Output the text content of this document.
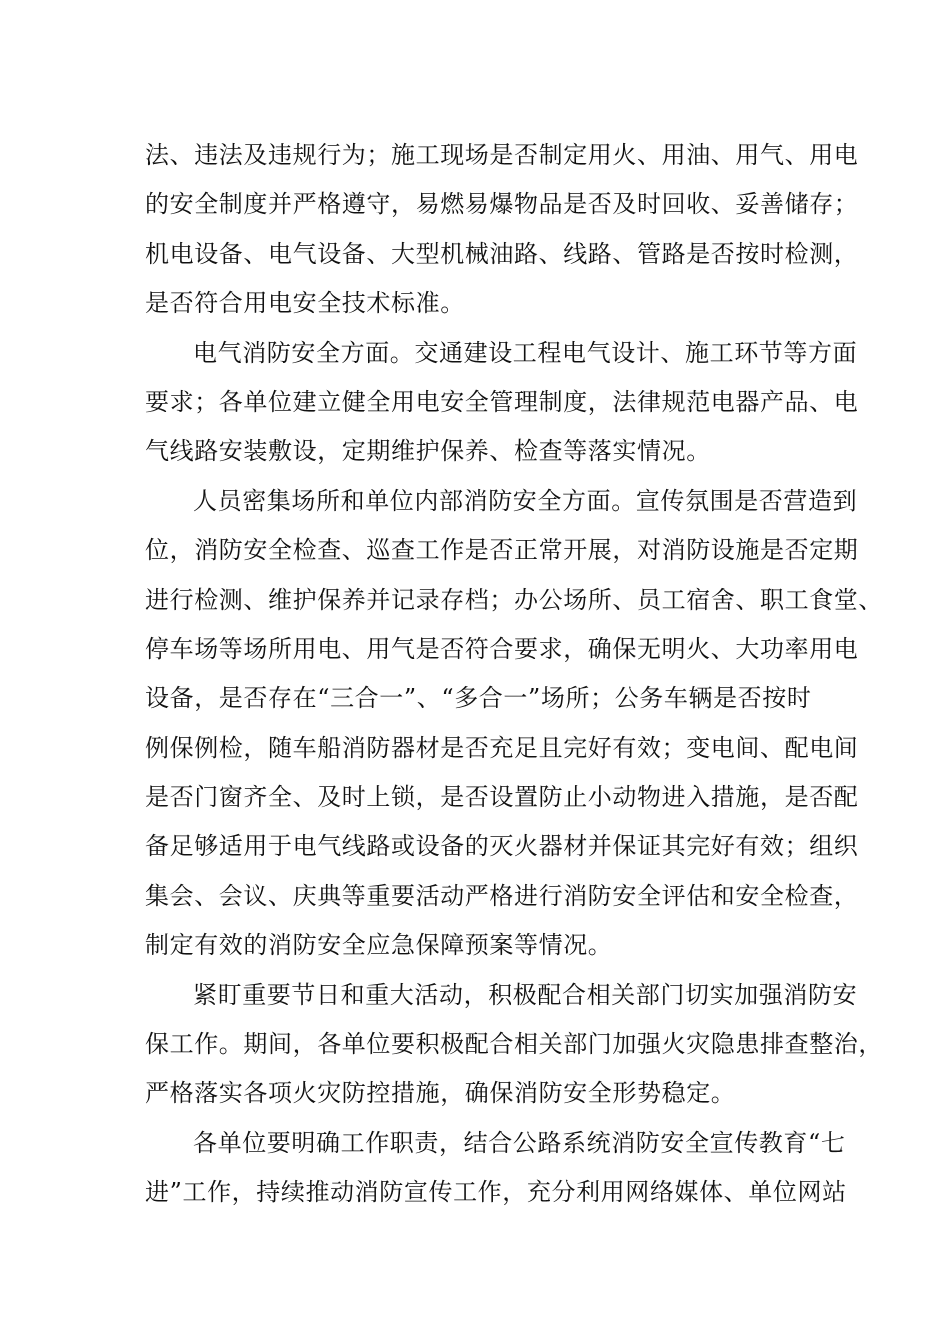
法、违法及违规行为；施工现场是否制定用火、用油、用气、用电
的安全制度并严格遵守，易燃易爆物品是否及时回收、妥善储存；
机电设备、电气设备、大型机械油路、线路、管路是否按时检测，
是否符合用电安全技术标准。
电气消防安全方面。交通建设工程电气设计、施工环节等方面
要求；各单位建立健全用电安全管理制度，法律规范电器产品、电
气线路安装敷设，定期维护保养、检查等落实情况。
人员密集场所和单位内部消防安全方面。宣传氛围是否营造到
位，消防安全检查、巡查工作是否正常开展，对消防设施是否定期
进行检测、维护保养并记录存档；办公场所、员工宿舍、职工食堂、
停车场等场所用电、用气是否符合要求，确保无明火、大功率用电
设备，是否存在“三合一”、“多合一”场所；公务车辆是否按时
例保例检，随车船消防器材是否充足且完好有效；变电间、配电间
是否门窗齐全、及时上锁，是否设置防止小动物进入措施，是否配
备足够适用于电气线路或设备的灭火器材并保证其完好有效；组织
集会、会议、庆典等重要活动严格进行消防安全评估和安全检查，
制定有效的消防安全应急保障预案等情况。
紧盯重要节日和重大活动，积极配合相关部门切实加强消防安
保工作。期间，各单位要积极配合相关部门加强火灾隐患排查整治，
严格落实各项火灾防控措施，确保消防安全形势稳定。
各单位要明确工作职责，结合公路系统消防安全宣传教育“七
进”工作，持续推动消防宣传工作，充分利用网络媒体、单位网站
